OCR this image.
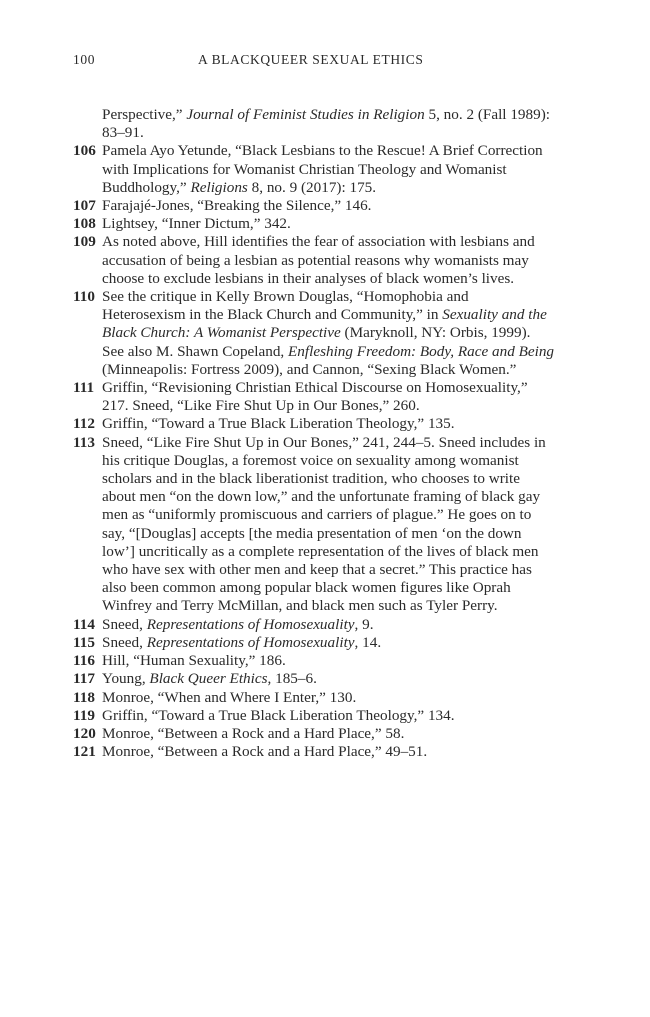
100	A BLACKQUEER SEXUAL ETHICS
Perspective,” Journal of Feminist Studies in Religion 5, no. 2 (Fall 1989): 83–91.
106 Pamela Ayo Yetunde, “Black Lesbians to the Rescue! A Brief Correction with Implications for Womanist Christian Theology and Womanist Buddhology,” Religions 8, no. 9 (2017): 175.
107 Farajajé-Jones, “Breaking the Silence,” 146.
108 Lightsey, “Inner Dictum,” 342.
109 As noted above, Hill identifies the fear of association with lesbians and accusation of being a lesbian as potential reasons why womanists may choose to exclude lesbians in their analyses of black women’s lives.
110 See the critique in Kelly Brown Douglas, “Homophobia and Heterosexism in the Black Church and Community,” in Sexuality and the Black Church: A Womanist Perspective (Maryknoll, NY: Orbis, 1999). See also M. Shawn Copeland, Enfleshing Freedom: Body, Race and Being (Minneapolis: Fortress 2009), and Cannon, “Sexing Black Women.”
111 Griffin, “Revisioning Christian Ethical Discourse on Homosexuality,” 217. Sneed, “Like Fire Shut Up in Our Bones,” 260.
112 Griffin, “Toward a True Black Liberation Theology,” 135.
113 Sneed, “Like Fire Shut Up in Our Bones,” 241, 244–5. Sneed includes in his critique Douglas, a foremost voice on sexuality among womanist scholars and in the black liberationist tradition, who chooses to write about men “on the down low,” and the unfortunate framing of black gay men as “uniformly promiscuous and carriers of plague.” He goes on to say, “[Douglas] accepts [the media presentation of men ‘on the down low’] uncritically as a complete representation of the lives of black men who have sex with other men and keep that a secret.” This practice has also been common among popular black women figures like Oprah Winfrey and Terry McMillan, and black men such as Tyler Perry.
114 Sneed, Representations of Homosexuality, 9.
115 Sneed, Representations of Homosexuality, 14.
116 Hill, “Human Sexuality,” 186.
117 Young, Black Queer Ethics, 185–6.
118 Monroe, “When and Where I Enter,” 130.
119 Griffin, “Toward a True Black Liberation Theology,” 134.
120 Monroe, “Between a Rock and a Hard Place,” 58.
121 Monroe, “Between a Rock and a Hard Place,” 49–51.
